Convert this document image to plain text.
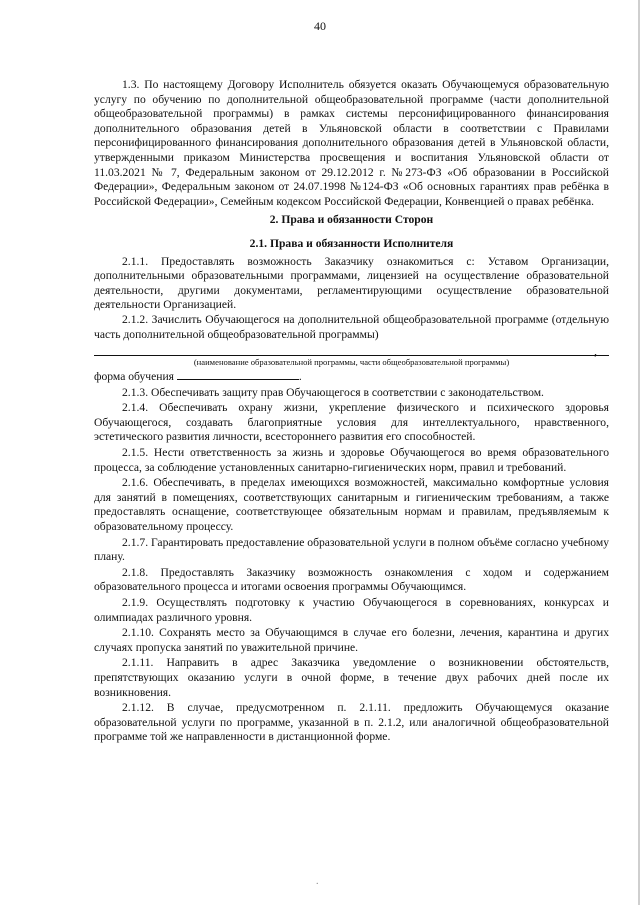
40

1.3. По настоящему Договору Исполнитель обязуется оказать Обучающемуся образовательную услугу по обучению по дополнительной общеобразовательной программе (части дополнительной общеобразовательной программы) в рамках системы персонифицированного финансирования дополнительного образования детей в Ульяновской области в соответствии с Правилами персонифицированного финансирования дополнительного образования детей в Ульяновской области, утвержденными приказом Министерства просвещения и воспитания Ульяновской области от 11.03.2021 № 7, Федеральным законом от 29.12.2012 г. №273-ФЗ «Об образовании в Российской Федерации», Федеральным законом от 24.07.1998 №124-ФЗ «Об основных гарантиях прав ребёнка в Российской Федерации», Семейным кодексом Российской Федерации, Конвенцией о правах ребёнка.

2. Права и обязанности Сторон

2.1. Права и обязанности Исполнителя

2.1.1. Предоставлять возможность Заказчику ознакомиться с: Уставом Организации, дополнительными образовательными программами, лицензией на осуществление образовательной деятельности, другими документами, регламентирующими осуществление образовательной деятельности Организацией.

2.1.2. Зачислить Обучающегося на дополнительной общеобразовательной программе (отдельную часть дополнительной общеобразовательной программы)

,

(наименование образовательной программы, части общеобразовательной программы)

форма обучения	.

2.1.3. Обеспечивать защиту прав Обучающегося в соответствии с законодательством.

2.1.4. Обеспечивать охрану жизни, укрепление физического и психического здоровья Обучающегося, создавать благоприятные условия для интеллектуального, нравственного, эстетического развития личности, всестороннего развития его способностей.

2.1.5. Нести ответственность за жизнь и здоровье Обучающегося во время образовательного процесса, за соблюдение установленных санитарно-гигиенических норм, правил и требований.

2.1.6. Обеспечивать, в пределах имеющихся возможностей, максимально комфортные условия для занятий в помещениях, соответствующих санитарным и гигиеническим требованиям, а также предоставлять оснащение, соответствующее обязательным нормам и правилам, предъявляемым к образовательному процессу.

2.1.7. Гарантировать предоставление образовательной услуги в полном объёме согласно учебному плану.

2.1.8. Предоставлять Заказчику возможность ознакомления с ходом и содержанием образовательного процесса и итогами освоения программы Обучающимся.

2.1.9. Осуществлять подготовку к участию Обучающегося в соревнованиях, конкурсах и олимпиадах различного уровня.

2.1.10. Сохранять место за Обучающимся в случае его болезни, лечения, карантина и других случаях пропуска занятий по уважительной причине.

2.1.11. Направить в адрес Заказчика уведомление о возникновении обстоятельств, препятствующих оказанию услуги в очной форме, в течение двух рабочих дней после их возникновения.

2.1.12. В случае, предусмотренном п. 2.1.11. предложить Обучающемуся оказание образовательной услуги по программе, указанной в п. 2.1.2, или аналогичной общеобразовательной программе той же направленности в дистанционной форме.

.
